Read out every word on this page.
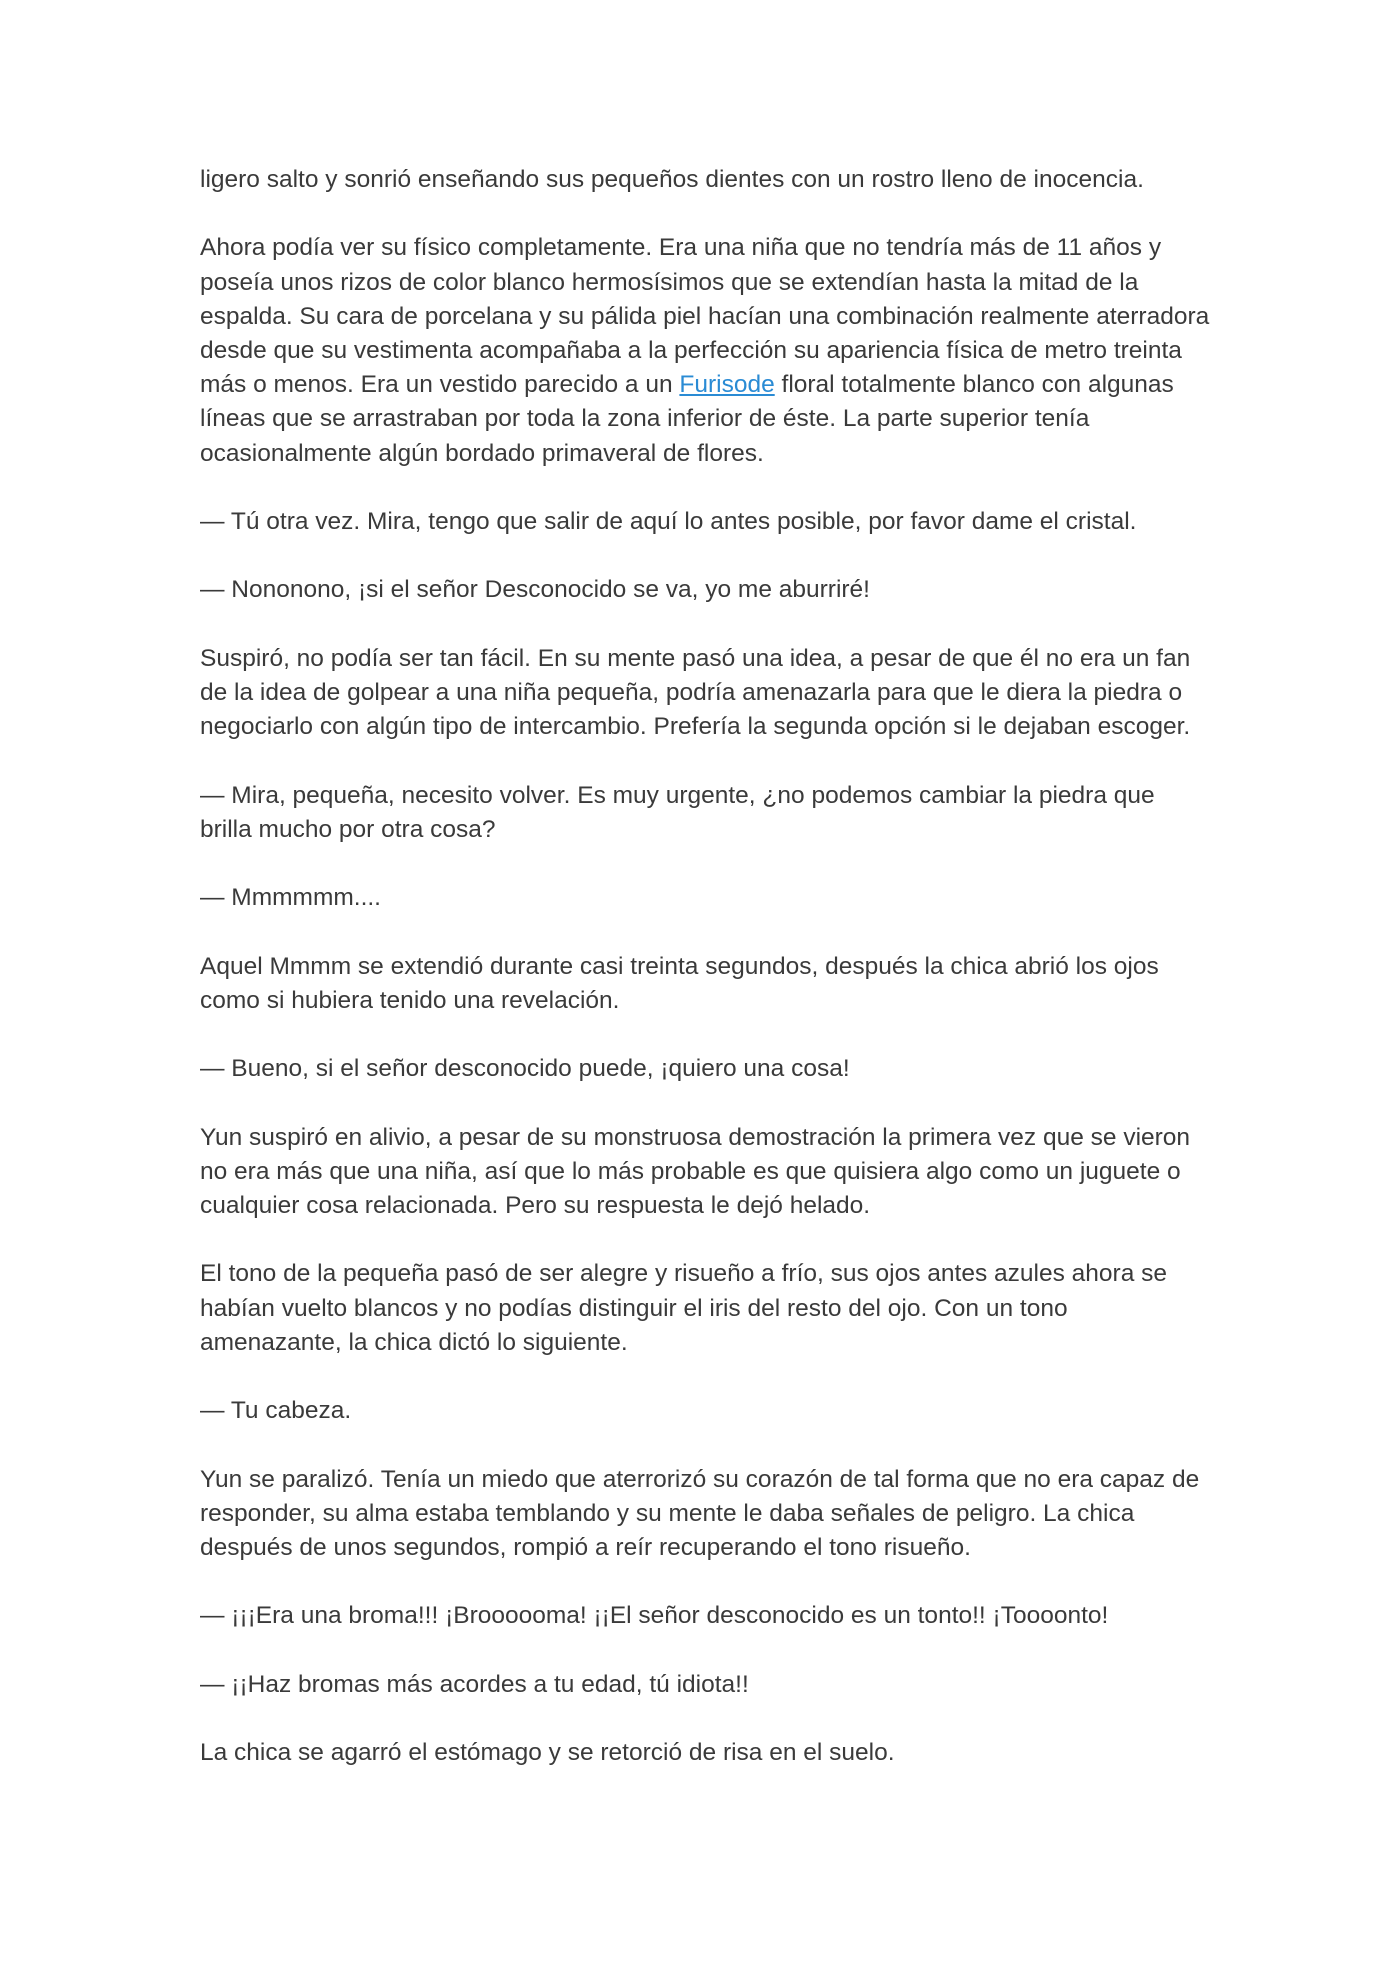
ligero salto y sonrió enseñando sus pequeños dientes con un rostro lleno de inocencia.

Ahora podía ver su físico completamente. Era una niña que no tendría más de 11 años y poseía unos rizos de color blanco hermosísimos que se extendían hasta la mitad de la espalda. Su cara de porcelana y su pálida piel hacían una combinación realmente aterradora desde que su vestimenta acompañaba a la perfección su apariencia física de metro treinta más o menos. Era un vestido parecido a un Furisode floral totalmente blanco con algunas líneas que se arrastraban por toda la zona inferior de éste. La parte superior tenía ocasionalmente algún bordado primaveral de flores.

— Tú otra vez. Mira, tengo que salir de aquí lo antes posible, por favor dame el cristal.

— Nononono, ¡si el señor Desconocido se va, yo me aburriré!

Suspiró, no podía ser tan fácil. En su mente pasó una idea, a pesar de que él no era un fan de la idea de golpear a una niña pequeña, podría amenazarla para que le diera la piedra o negociarlo con algún tipo de intercambio. Prefería la segunda opción si le dejaban escoger.

— Mira, pequeña, necesito volver. Es muy urgente, ¿no podemos cambiar la piedra que brilla mucho por otra cosa?

— Mmmmmm....

Aquel Mmmm se extendió durante casi treinta segundos, después la chica abrió los ojos como si hubiera tenido una revelación.

— Bueno, si el señor desconocido puede, ¡quiero una cosa!

Yun suspiró en alivio, a pesar de su monstruosa demostración la primera vez que se vieron no era más que una niña, así que lo más probable es que quisiera algo como un juguete o cualquier cosa relacionada. Pero su respuesta le dejó helado.

El tono de la pequeña pasó de ser alegre y risueño a frío, sus ojos antes azules ahora se habían vuelto blancos y no podías distinguir el iris del resto del ojo. Con un tono amenazante, la chica dictó lo siguiente.

— Tu cabeza.

Yun se paralizó. Tenía un miedo que aterrorizó su corazón de tal forma que no era capaz de responder, su alma estaba temblando y su mente le daba señales de peligro. La chica después de unos segundos, rompió a reír recuperando el tono risueño.

— ¡¡¡Era una broma!!! ¡Broooooma! ¡¡El señor desconocido es un tonto!! ¡Toooonto!

— ¡¡Haz bromas más acordes a tu edad, tú idiota!!

La chica se agarró el estómago y se retorció de risa en el suelo.
